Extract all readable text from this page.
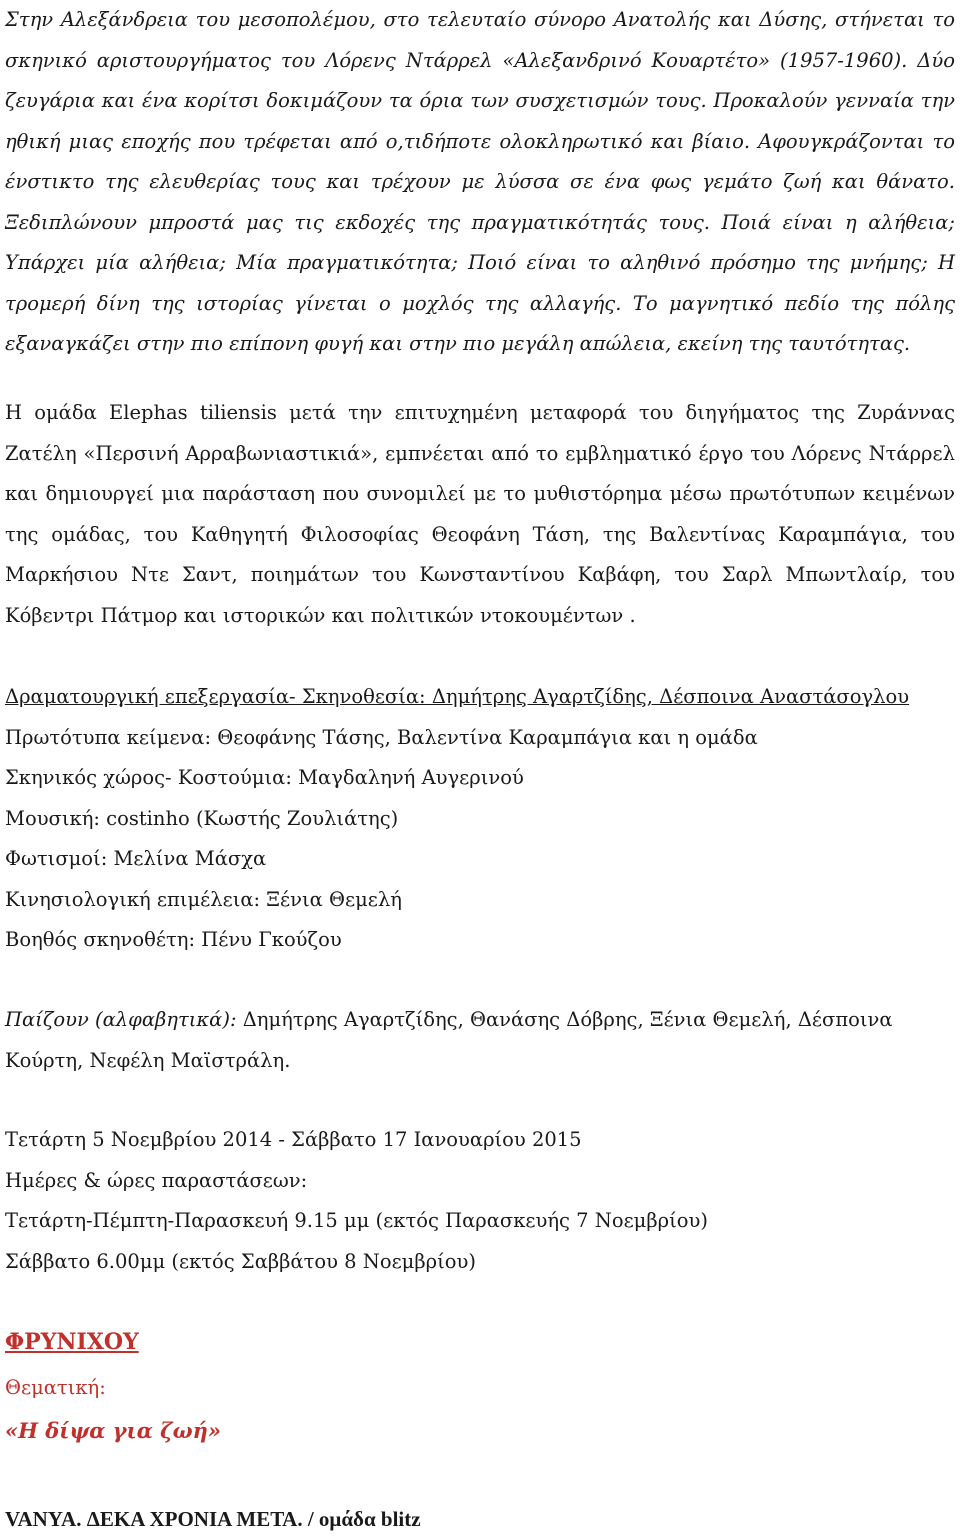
Στην Αλεξάνδρεια του μεσοπολέμου, στο τελευταίο σύνορο Ανατολής και Δύσης, στήνεται το σκηνικό αριστουργήματος του Λόρενς Ντάρρελ «Αλεξανδρινό Κουαρτέτο» (1957-1960). Δύο ζευγάρια και ένα κορίτσι δοκιμάζουν τα όρια των συσχετισμών τους. Προκαλούν γενναία την ηθική μιας εποχής που τρέφεται από ο,τιδήποτε ολοκληρωτικό και βίαιο. Αφουγκράζονται το ένστικτο της ελευθερίας τους και τρέχουν με λύσσα σε ένα φως γεμάτο ζωή και θάνατο. Ξεδιπλώνουν μπροστά μας τις εκδοχές της πραγματικότητάς τους. Ποιά είναι η αλήθεια; Υπάρχει μία αλήθεια; Μία πραγματικότητα; Ποιό είναι το αληθινό πρόσημο της μνήμης; Η τρομερή δίνη της ιστορίας γίνεται ο μοχλός της αλλαγής. Το μαγνητικό πεδίο της πόλης εξαναγκάζει στην πιο επίπονη φυγή και στην πιο μεγάλη απώλεια, εκείνη της ταυτότητας.

Η ομάδα Elephas tiliensis μετά την επιτυχημένη μεταφορά του διηγήματος της Ζυράννας Ζατέλη «Περσινή Αρραβωνιαστικιά», εμπνέεται από το εμβληματικό έργο του Λόρενς Ντάρρελ και δημιουργεί μια παράσταση που συνομιλεί με το μυθιστόρημα μέσω πρωτότυπων κειμένων της ομάδας, του Καθηγητή Φιλοσοφίας Θεοφάνη Τάση, της Βαλεντίνας Καραμπάγια, του Μαρκήσιου Ντε Σαντ, ποιημάτων του Κωνσταντίνου Καβάφη, του Σαρλ Μπωντλαίρ, του Κόβεντρι Πάτμορ και ιστορικών και πολιτικών ντοκουμέντων .

Δραματουργική επεξεργασία- Σκηνοθεσία: Δημήτρης Αγαρτζίδης, Δέσποινα Αναστάσογλου
Πρωτότυπα κείμενα: Θεοφάνης Τάσης, Βαλεντίνα Καραμπάγια και η ομάδα
Σκηνικός χώρος- Κοστούμια: Μαγδαληνή Αυγερινού
Μουσική: costinho (Κωστής Ζουλιάτης)
Φωτισμοί: Μελίνα Μάσχα
Κινησιολογική επιμέλεια: Ξένια Θεμελή
Βοηθός σκηνοθέτη: Πένυ Γκούζου
Παίζουν (αλφαβητικά): Δημήτρης Αγαρτζίδης, Θανάσης Δόβρης, Ξένια Θεμελή, Δέσποινα Κούρτη, Νεφέλη Μαϊστράλη.
Τετάρτη 5 Νοεμβρίου 2014 - Σάββατο 17 Ιανουαρίου 2015
Ημέρες & ώρες παραστάσεων:
Τετάρτη-Πέμπτη-Παρασκευή 9.15 μμ (εκτός Παρασκευής 7 Νοεμβρίου)
Σάββατο 6.00μμ (εκτός Σαββάτου 8 Νοεμβρίου)
ΦΡΥΝΙΧΟΥ
Θεματική:
«Η δίψα για ζωή»
VANYA. ΔΕΚΑ ΧΡΟΝΙΑ ΜΕΤΑ. / ομάδα blitz
